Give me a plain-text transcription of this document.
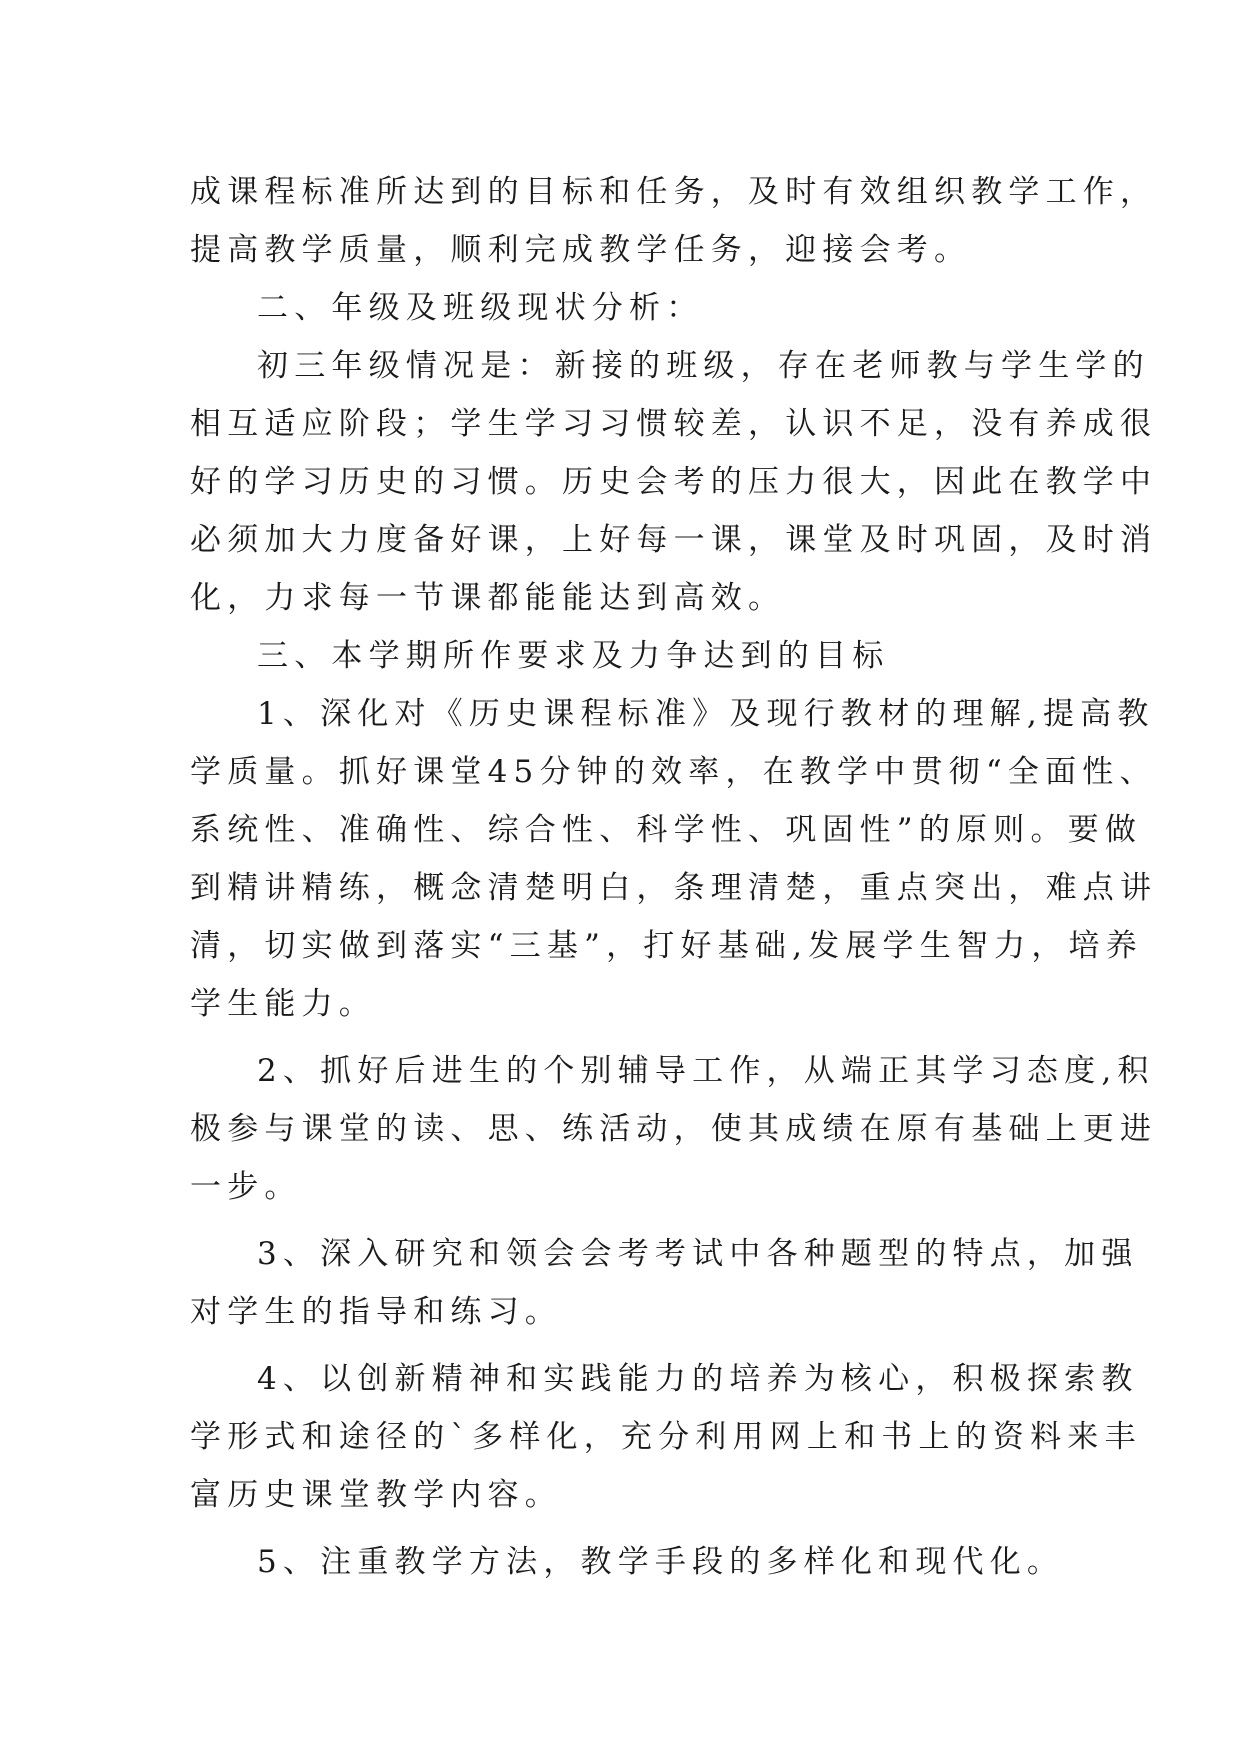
成课程标准所达到的目标和任务，及时有效组织教学工作，
提高教学质量，顺利完成教学任务，迎接会考。
二、年级及班级现状分析：
初三年级情况是：新接的班级，存在老师教与学生学的
相互适应阶段；学生学习习惯较差，认识不足，没有养成很
好的学习历史的习惯。历史会考的压力很大，因此在教学中
必须加大力度备好课，上好每一课，课堂及时巩固，及时消
化，力求每一节课都能能达到高效。
三、本学期所作要求及力争达到的目标
1、深化对《历史课程标准》及现行教材的理解,提高教
学质量。抓好课堂45分钟的效率，在教学中贯彻“全面性、
系统性、准确性、综合性、科学性、巩固性”的原则。要做
到精讲精练，概念清楚明白，条理清楚，重点突出，难点讲
清，切实做到落实“三基”，打好基础,发展学生智力，培养
学生能力。
2、抓好后进生的个别辅导工作，从端正其学习态度,积
极参与课堂的读、思、练活动，使其成绩在原有基础上更进
一步。
3、深入研究和领会会考考试中各种题型的特点，加强
对学生的指导和练习。
4、以创新精神和实践能力的培养为核心，积极探索教
学形式和途径的`多样化，充分利用网上和书上的资料来丰
富历史课堂教学内容。
5、注重教学方法，教学手段的多样化和现代化。
